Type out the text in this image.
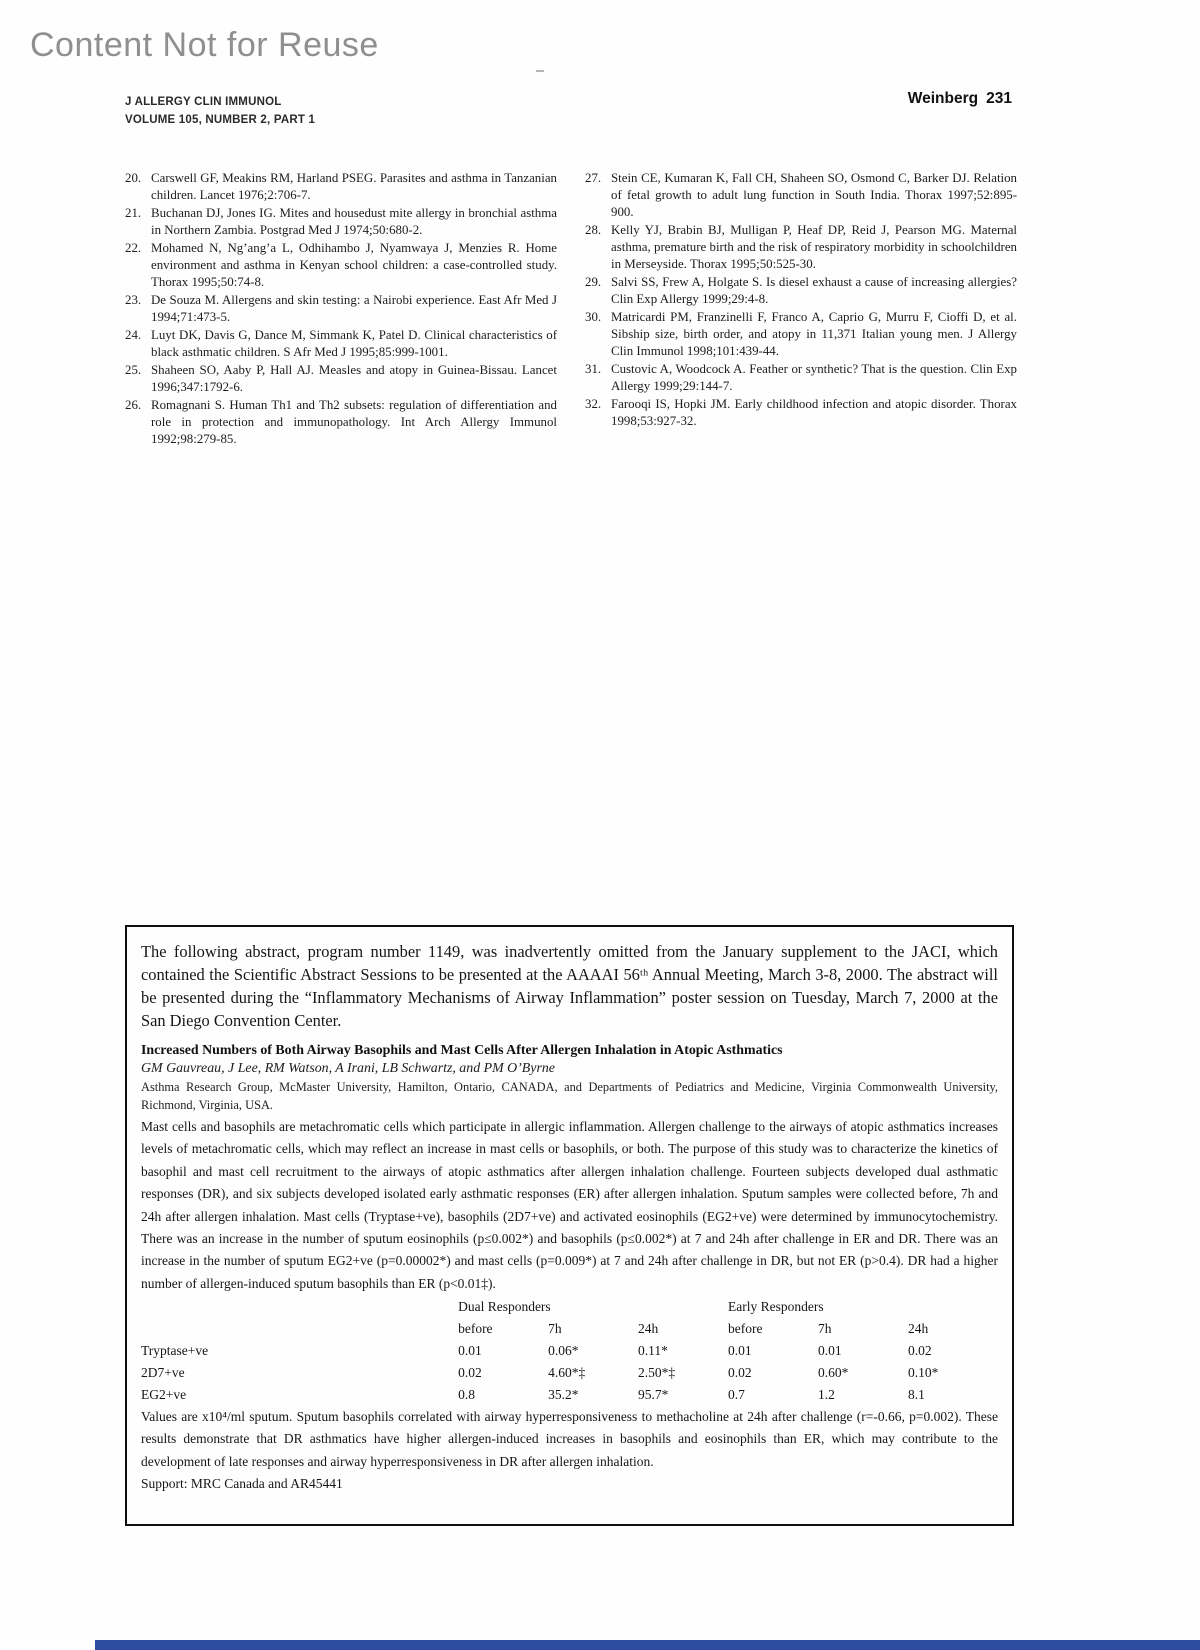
Content Not for Reuse
J ALLERGY CLIN IMMUNOL
VOLUME 105, NUMBER 2, PART 1
Weinberg 231
20. Carswell GF, Meakins RM, Harland PSEG. Parasites and asthma in Tanzanian children. Lancet 1976;2:706-7.
21. Buchanan DJ, Jones IG. Mites and housedust mite allergy in bronchial asthma in Northern Zambia. Postgrad Med J 1974;50:680-2.
22. Mohamed N, Ng’ang’a L, Odhihambo J, Nyamwaya J, Menzies R. Home environment and asthma in Kenyan school children: a case-controlled study. Thorax 1995;50:74-8.
23. De Souza M. Allergens and skin testing: a Nairobi experience. East Afr Med J 1994;71:473-5.
24. Luyt DK, Davis G, Dance M, Simmank K, Patel D. Clinical characteristics of black asthmatic children. S Afr Med J 1995;85:999-1001.
25. Shaheen SO, Aaby P, Hall AJ. Measles and atopy in Guinea-Bissau. Lancet 1996;347:1792-6.
26. Romagnani S. Human Th1 and Th2 subsets: regulation of differentiation and role in protection and immunopathology. Int Arch Allergy Immunol 1992;98:279-85.
27. Stein CE, Kumaran K, Fall CH, Shaheen SO, Osmond C, Barker DJ. Relation of fetal growth to adult lung function in South India. Thorax 1997;52:895-900.
28. Kelly YJ, Brabin BJ, Mulligan P, Heaf DP, Reid J, Pearson MG. Maternal asthma, premature birth and the risk of respiratory morbidity in schoolchildren in Merseyside. Thorax 1995;50:525-30.
29. Salvi SS, Frew A, Holgate S. Is diesel exhaust a cause of increasing allergies? Clin Exp Allergy 1999;29:4-8.
30. Matricardi PM, Franzinelli F, Franco A, Caprio G, Murru F, Cioffi D, et al. Sibship size, birth order, and atopy in 11,371 Italian young men. J Allergy Clin Immunol 1998;101:439-44.
31. Custovic A, Woodcock A. Feather or synthetic? That is the question. Clin Exp Allergy 1999;29:144-7.
32. Farooqi IS, Hopki JM. Early childhood infection and atopic disorder. Thorax 1998;53:927-32.

The following abstract, program number 1149, was inadvertently omitted from the January supplement to the JACI, which contained the Scientific Abstract Sessions to be presented at the AAAAI 56ᵗʰ Annual Meeting, March 3-8, 2000. The abstract will be presented during the “Inflammatory Mechanisms of Airway Inflammation” poster session on Tuesday, March 7, 2000 at the San Diego Convention Center.

Increased Numbers of Both Airway Basophils and Mast Cells After Allergen Inhalation in Atopic Asthmatics
GM Gauvreau, J Lee, RM Watson, A Irani, LB Schwartz, and PM O’Byrne
Asthma Research Group, McMaster University, Hamilton, Ontario, CANADA, and Departments of Pediatrics and Medicine, Virginia Commonwealth University, Richmond, Virginia, USA.

Mast cells and basophils are metachromatic cells which participate in allergic inflammation. Allergen challenge to the airways of atopic asthmatics increases levels of metachromatic cells, which may reflect an increase in mast cells or basophils, or both. The purpose of this study was to characterize the kinetics of basophil and mast cell recruitment to the airways of atopic asthmatics after allergen inhalation challenge. Fourteen subjects developed dual asthmatic responses (DR), and six subjects developed isolated early asthmatic responses (ER) after allergen inhalation. Sputum samples were collected before, 7h and 24h after allergen inhalation. Mast cells (Tryptase+ve), basophils (2D7+ve) and activated eosinophils (EG2+ve) were determined by immunocytochemistry. There was an increase in the number of sputum eosinophils (p≤0.002*) and basophils (p≤0.002*) at 7 and 24h after challenge in ER and DR. There was an increase in the number of sputum EG2+ve (p=0.00002*) and mast cells (p=0.009*) at 7 and 24h after challenge in DR, but not ER (p>0.4). DR had a higher number of allergen-induced sputum basophils than ER (p<0.01‡).

	Dual Responders			Early Responders		
	before	7h	24h	before	7h	24h
Tryptase+ve	0.01	0.06*	0.11*	0.01	0.01	0.02
2D7+ve	0.02	4.60*‡	2.50*‡	0.02	0.60*	0.10*
EG2+ve	0.8	35.2*	95.7*	0.7	1.2	8.1

Values are x10⁴/ml sputum. Sputum basophils correlated with airway hyperresponsiveness to methacholine at 24h after challenge (r=-0.66, p=0.002). These results demonstrate that DR asthmatics have higher allergen-induced increases in basophils and eosinophils than ER, which may contribute to the development of late responses and airway hyperresponsiveness in DR after allergen inhalation.

Support: MRC Canada and AR45441
